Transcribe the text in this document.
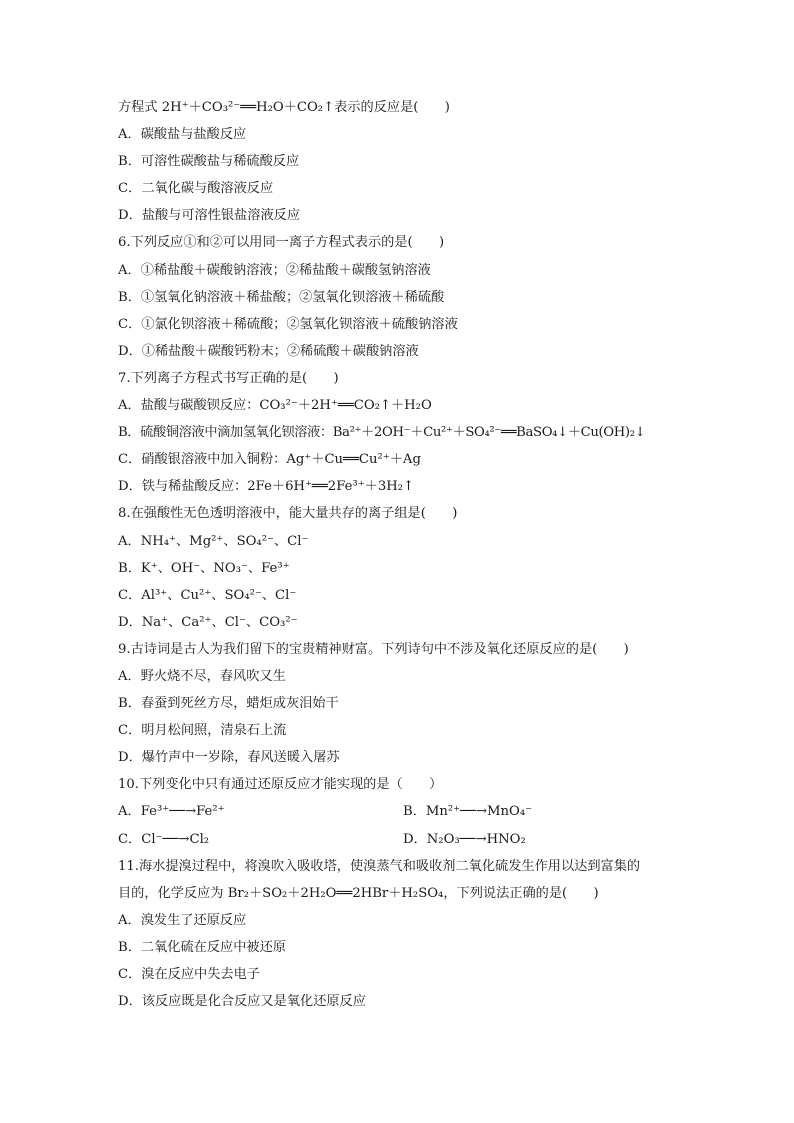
方程式 2H⁺＋CO₃²⁻══H₂O＋CO₂↑表示的反应是(　　)
A．碳酸盐与盐酸反应
B．可溶性碳酸盐与稀硫酸反应
C．二氧化碳与酸溶液反应
D．盐酸与可溶性银盐溶液反应
6.下列反应①和②可以用同一离子方程式表示的是(　　)
A．①稀盐酸＋碳酸钠溶液；②稀盐酸＋碳酸氢钠溶液
B．①氢氧化钠溶液＋稀盐酸；②氢氧化钡溶液＋稀硫酸
C．①氯化钡溶液＋稀硫酸；②氢氧化钡溶液＋硫酸钠溶液
D．①稀盐酸＋碳酸钙粉末；②稀硫酸＋碳酸钠溶液
7.下列离子方程式书写正确的是(　　)
A．盐酸与碳酸钡反应：CO₃²⁻＋2H⁺══CO₂↑＋H₂O
B．硫酸铜溶液中滴加氢氧化钡溶液：Ba²⁺＋2OH⁻＋Cu²⁺＋SO₄²⁻══BaSO₄↓＋Cu(OH)₂↓
C．硝酸银溶液中加入铜粉：Ag⁺＋Cu══Cu²⁺＋Ag
D．铁与稀盐酸反应：2Fe＋6H⁺══2Fe³⁺＋3H₂↑
8.在强酸性无色透明溶液中，能大量共存的离子组是(　　)
A．NH₄⁺、Mg²⁺、SO₄²⁻、Cl⁻
B．K⁺、OH⁻、NO₃⁻、Fe³⁺
C．Al³⁺、Cu²⁺、SO₄²⁻、Cl⁻
D．Na⁺、Ca²⁺、Cl⁻、CO₃²⁻
9.古诗词是古人为我们留下的宝贵精神财富。下列诗句中不涉及氧化还原反应的是(　　)
A．野火烧不尽，春风吹又生
B．春蚕到死丝方尽，蜡炬成灰泪始干
C．明月松间照，清泉石上流
D．爆竹声中一岁除，春风送暖入屠苏
10.下列变化中只有通过还原反应才能实现的是（　　）
A．Fe³⁺──→Fe²⁺	B．Mn²⁺──→MnO₄⁻
C．Cl⁻──→Cl₂	D．N₂O₃──→HNO₂
11.海水提溴过程中，将溴吹入吸收塔，使溴蒸气和吸收剂二氧化硫发生作用以达到富集的
目的，化学反应为 Br₂＋SO₂＋2H₂O══2HBr＋H₂SO₄，下列说法正确的是(　　)
A．溴发生了还原反应
B．二氧化硫在反应中被还原
C．溴在反应中失去电子
D．该反应既是化合反应又是氧化还原反应
